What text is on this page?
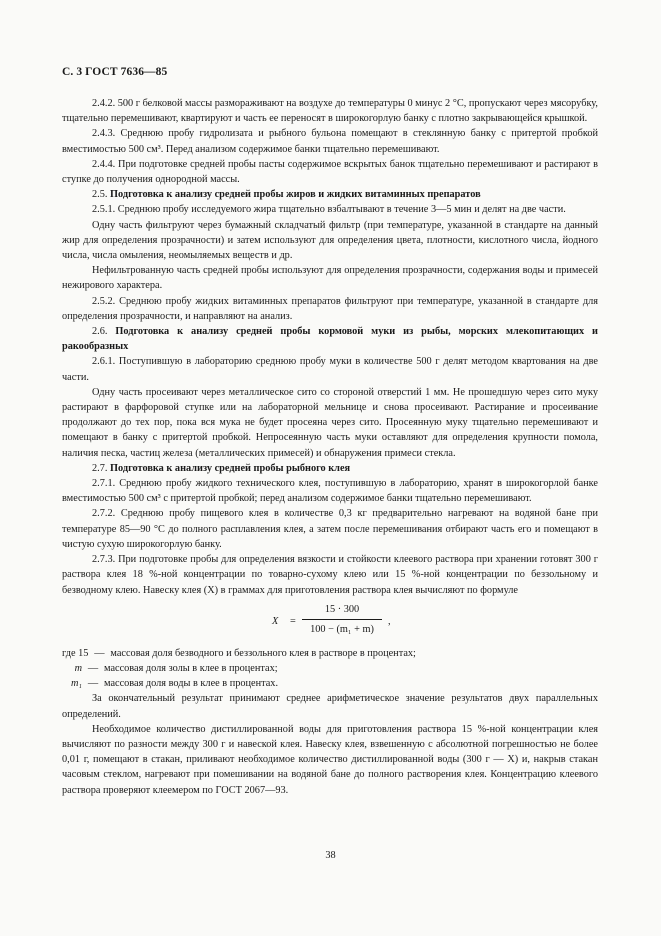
С. 3 ГОСТ 7636—85

2.4.2. 500 г белковой массы размораживают на воздухе до температуры 0 минус 2 °С, пропускают через мясорубку, тщательно перемешивают, квартируют и часть ее переносят в широкогорлую банку с плотно закрывающейся крышкой.

2.4.3. Среднюю пробу гидролизата и рыбного бульона помещают в стеклянную банку с притертой пробкой вместимостью 500 см³. Перед анализом содержимое банки тщательно перемешивают.

2.4.4. При подготовке средней пробы пасты содержимое вскрытых банок тщательно перемешивают и растирают в ступке до получения однородной массы.

2.5. Подготовка к анализу средней пробы жиров и жидких витаминных препаратов

2.5.1. Среднюю пробу исследуемого жира тщательно взбалтывают в течение 3—5 мин и делят на две части.

Одну часть фильтруют через бумажный складчатый фильтр (при температуре, указанной в стандарте на данный жир для определения прозрачности) и затем используют для определения цвета, плотности, кислотного числа, йодного числа, числа омыления, неомыляемых веществ и др.

Нефильтрованную часть средней пробы используют для определения прозрачности, содержания воды и примесей нежирового характера.

2.5.2. Среднюю пробу жидких витаминных препаратов фильтруют при температуре, указанной в стандарте для определения прозрачности, и направляют на анализ.

2.6. Подготовка к анализу средней пробы кормовой муки из рыбы, морских млекопитающих и ракообразных

2.6.1. Поступившую в лабораторию среднюю пробу муки в количестве 500 г делят методом квартования на две части.

Одну часть просеивают через металлическое сито со стороной отверстий 1 мм. Не прошедшую через сито муку растирают в фарфоровой ступке или на лабораторной мельнице и снова просеивают. Растирание и просеивание продолжают до тех пор, пока вся мука не будет просеяна через сито. Просеянную муку тщательно перемешивают и помещают в банку с притертой пробкой. Непросеянную часть муки оставляют для определения крупности помола, наличия песка, частиц железа (металлических примесей) и обнаружения примеси стекла.

2.7. Подготовка к анализу средней пробы рыбного клея

2.7.1. Среднюю пробу жидкого технического клея, поступившую в лабораторию, хранят в широкогорлой банке вместимостью 500 см³ с притертой пробкой; перед анализом содержимое банки тщательно перемешивают.

2.7.2. Среднюю пробу пищевого клея в количестве 0,3 кг предварительно нагревают на водяной бане при температуре 85—90 °С до полного расплавления клея, а затем после перемешивания отбирают часть его и помещают в чистую сухую широкогорлую банку.

2.7.3. При подготовке пробы для определения вязкости и стойкости клеевого раствора при хранении готовят 300 г раствора клея 18 %-ной концентрации по товарно-сухому клею или 15 %-ной концентрации по беззольному и безводному клею. Навеску клея (X) в граммах для приготовления раствора клея вычисляют по формуле

$X = \frac{15 \cdot 300}{\text{100 − (m₁ + m)}}$ ,

где 15 — массовая доля безводного и беззольного клея в растворе в процентах;

m — массовая доля золы в клее в процентах;

m₁ — массовая доля воды в клее в процентах.

За окончательный результат принимают среднее арифметическое значение результатов двух параллельных определений.

Необходимое количество дистиллированной воды для приготовления раствора 15 %-ной концентрации клея вычисляют по разности между 300 г и навеской клея. Навеску клея, взвешенную с абсолютной погрешностью не более 0,01 г, помещают в стакан, приливают необходимое количество дистиллированной воды (300 г — X) и, накрыв стакан часовым стеклом, нагревают при помешивании на водяной бане до полного растворения клея. Концентрацию клеевого раствора проверяют клеемером по ГОСТ 2067—93.

38
